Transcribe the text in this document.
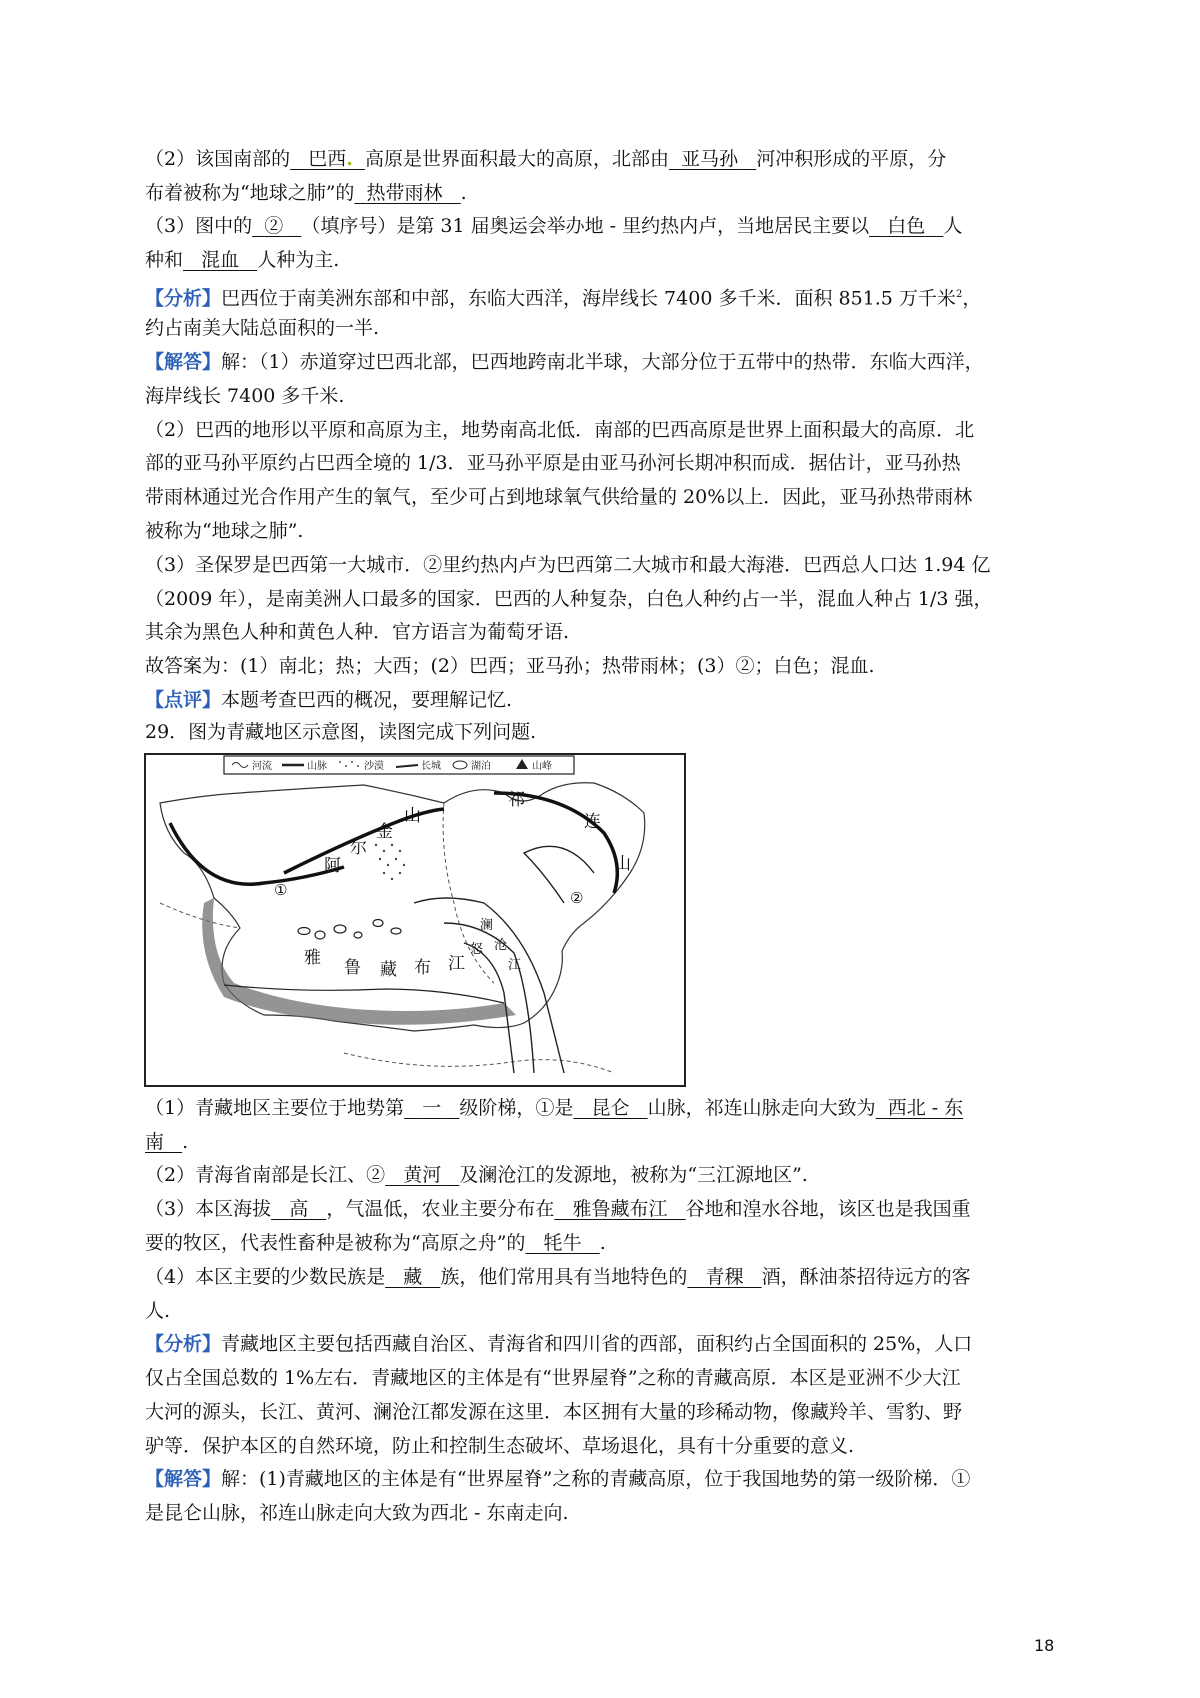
（2）该国南部的 巴西. 高原是世界面积最大的高原，北部由 亚马孙 河冲积形成的平原，分
布着被称为“地球之肺”的 热带雨林 .
（3）图中的 ② （填序号）是第 31 届奥运会举办地 - 里约热内卢，当地居民主要以 白色 人
种和 混血 人种为主.
【分析】巴西位于南美洲东部和中部，东临大西洋，海岸线长 7400 多千米．面积 851.5 万千米$^2$，
约占南美大陆总面积的一半.
【解答】解：（1）赤道穿过巴西北部，巴西地跨南北半球，大部分位于五带中的热带．东临大西洋，
海岸线长 7400 多千米.
（2）巴西的地形以平原和高原为主，地势南高北低．南部的巴西高原是世界上面积最大的高原．北
部的亚马孙平原约占巴西全境的 1/3．亚马孙平原是由亚马孙河长期冲积而成．据估计，亚马孙热
带雨林通过光合作用产生的氧气，至少可占到地球氧气供给量的 20%以上．因此，亚马孙热带雨林
被称为“地球之肺”.
（3）圣保罗是巴西第一大城市．②里约热内卢为巴西第二大城市和最大海港．巴西总人口达 1.94 亿
（2009 年），是南美洲人口最多的国家．巴西的人种复杂，白色人种约占一半，混血人种占 1/3 强，
其余为黑色人种和黄色人种．官方语言为葡萄牙语.
故答案为：(1）南北；热；大西；(2）巴西；亚马孙；热带雨林；(3）②；白色；混血.
【点评】本题考查巴西的概况，要理解记忆.
29．图为青藏地区示意图，读图完成下列问题.
河流	山脉	沙漠	长城	湖泊	山峰
阿
尔
金
山
祁
连
山
①	②
雅 鲁 藏 布 江
澜
沧
江
怒
（1）青藏地区主要位于地势第 一 级阶梯，①是 昆仑 山脉，祁连山脉走向大致为 西北 - 东
南 .
（2）青海省南部是长江、② 黄河 及澜沧江的发源地，被称为“三江源地区”.
（3）本区海拔 高 ，气温低，农业主要分布在 雅鲁藏布江 谷地和湟水谷地，该区也是我国重
要的牧区，代表性畜种是被称为“高原之舟”的 牦牛 .
（4）本区主要的少数民族是 藏 族，他们常用具有当地特色的 青稞 酒，酥油茶招待远方的客
人.
【分析】青藏地区主要包括西藏自治区、青海省和四川省的西部，面积约占全国面积的 25%，人口
仅占全国总数的 1%左右．青藏地区的主体是有“世界屋脊”之称的青藏高原．本区是亚洲不少大江
大河的源头，长江、黄河、澜沧江都发源在这里．本区拥有大量的珍稀动物，像藏羚羊、雪豹、野
驴等．保护本区的自然环境，防止和控制生态破坏、草场退化，具有十分重要的意义.
【解答】解：(1)青藏地区的主体是有“世界屋脊”之称的青藏高原，位于我国地势的第一级阶梯．①
是昆仑山脉，祁连山脉走向大致为西北 - 东南走向.
18
